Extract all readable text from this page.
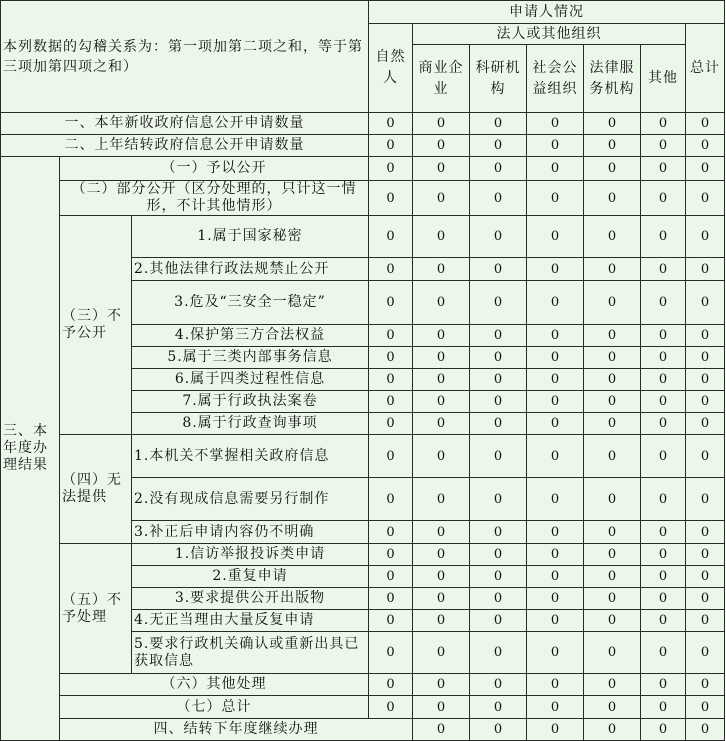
本列数据的勾稽关系为：第一项加第二项之和，等于第三项加第四项之和）			申请人情况							
			自然人	法人或其他组织					总计	
				商业企业	科研机构	社会公益组织	法律服务机构	其他		
一、本年新收政府信息公开申请数量			0	0	0	0	0	0	0	
二、上年结转政府信息公开申请数量			0	0	0	0	0	0	0	
三、本年度办理结果	（一）予以公开		0	0	0	0	0	0	0	
	（二）部分公开（区分处理的，只计这一情形，不计其他情形）		0	0	0	0	0	0	0	
	（三）不予公开	1.属于国家秘密	0	0	0	0	0	0	0	
		2.其他法律行政法规禁止公开	0	0	0	0	0	0	0	
		3.危及“三安全一稳定”	0	0	0	0	0	0	0	
		4.保护第三方合法权益	0	0	0	0	0	0	0	
		5.属于三类内部事务信息	0	0	0	0	0	0	0	
		6.属于四类过程性信息	0	0	0	0	0	0	0	
		7.属于行政执法案卷	0	0	0	0	0	0	0	
		8.属于行政查询事项	0	0	0	0	0	0	0	
	（四）无法提供	1.本机关不掌握相关政府信息	0	0	0	0	0	0	0	
		2.没有现成信息需要另行制作	0	0	0	0	0	0	0	
		3.补正后申请内容仍不明确	0	0	0	0	0	0	0	
	（五）不予处理	1.信访举报投诉类申请	0	0	0	0	0	0	0	
		2.重复申请	0	0	0	0	0	0	0	
		3.要求提供公开出版物	0	0	0	0	0	0	0	
		4.无正当理由大量反复申请	0	0	0	0	0	0	0	
		5.要求行政机关确认或重新出具已获取信息	0	0	0	0	0	0	0	
	（六）其他处理		0	0	0	0	0	0	0	
	（七）总计		0	0	0	0	0	0	0	
	四、结转下年度继续办理			0	0	0	0	0	0	
